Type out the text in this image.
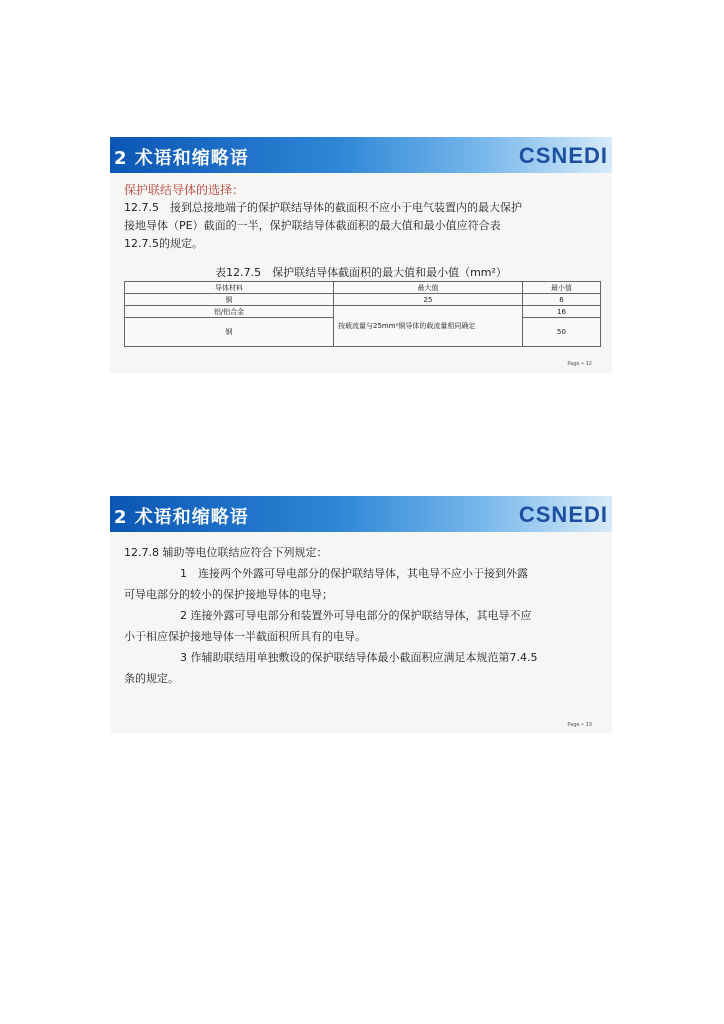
2 术语和缩略语	CSNEDI
保护联结导体的选择：
12.7.5　接到总接地端子的保护联结导体的截面积不应小于电气装置内的最大保护
接地导体（PE）截面的一半，保护联结导体截面积的最大值和最小值应符合表
12.7.5的规定。
表12.7.5　保护联结导体截面积的最大值和最小值（mm²）
导体材料	最大值	最小值
铜	25	6
铝/铝合金	按载流量与25mm²铜导体的载流量相同确定	16
钢		50
Page • 12
2 术语和缩略语	CSNEDI
12.7.8 辅助等电位联结应符合下列规定：
1　连接两个外露可导电部分的保护联结导体，其电导不应小于接到外露
可导电部分的较小的保护接地导体的电导；
2 连接外露可导电部分和装置外可导电部分的保护联结导体，其电导不应
小于相应保护接地导体一半截面积所具有的电导。
3 作辅助联结用单独敷设的保护联结导体最小截面积应满足本规范第7.4.5
条的规定。
Page • 13
